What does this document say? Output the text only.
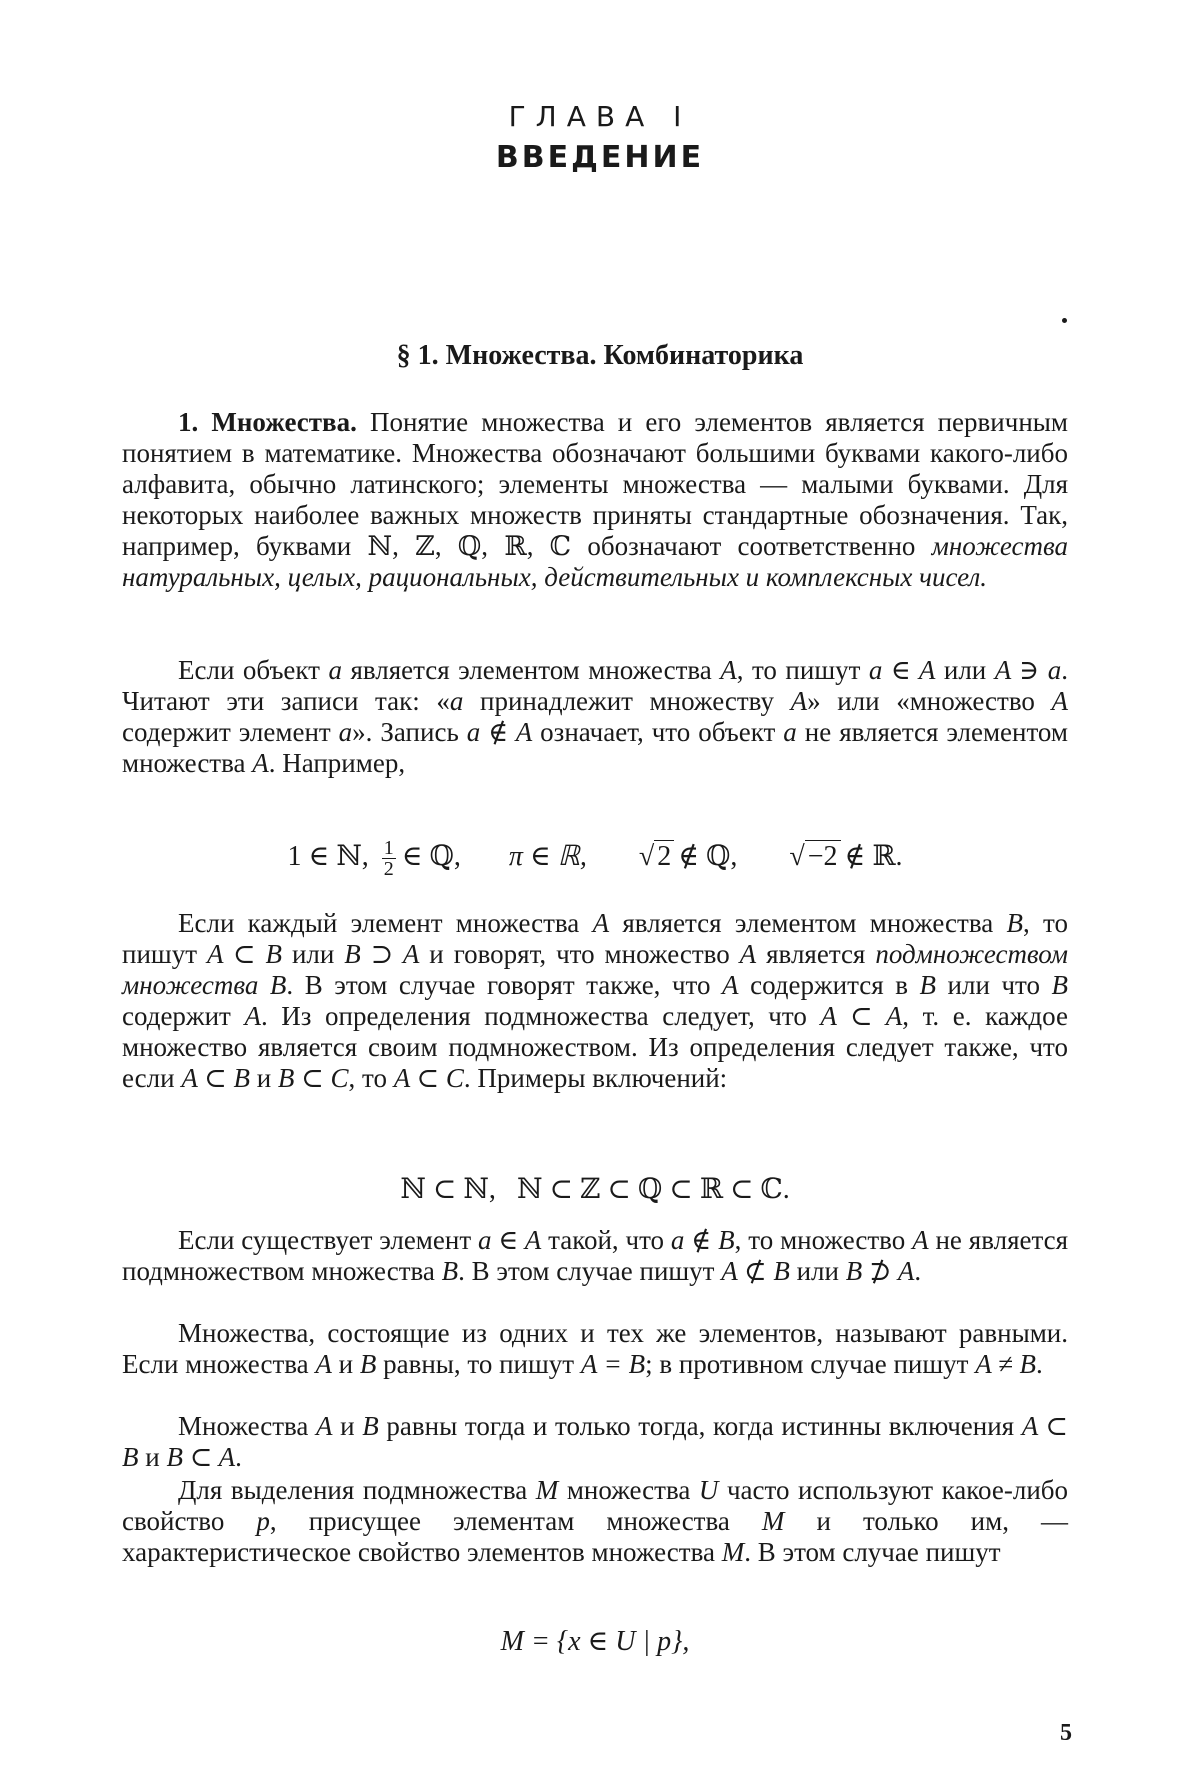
ГЛАВА I
ВВЕДЕНИЕ
§ 1. Множества. Комбинаторика

1. Множества. Понятие множества и его элементов является первичным понятием в математике. Множества обозначают большими буквами какого-либо алфавита, обычно латинского; элементы множества — малыми буквами. Для некоторых наиболее важных множеств приняты стандартные обозначения. Так, например, буквами ℕ, ℤ, ℚ, ℝ, ℂ обозначают соответственно множества натуральных, целых, рациональных, действительных и комплексных чисел.

Если объект a является элементом множества A, то пишут a ∈ A или A ∋ a. Читают эти записи так: «a принадлежит множеству A» или «множество A содержит элемент a». Запись a ∉ A означает, что объект a не является элементом множества A. Например,

1 ∈ ℕ, 1
2 ∈ ℚ, π ∈ ℝ, √ 2 ∉ ℚ, √ −2 ∉ ℝ.

Если каждый элемент множества A является элементом множества B, то пишут A ⊂ B или B ⊃ A и говорят, что множество A является подмножеством множества B. В этом случае говорят также, что A содержится в B или что B содержит A. Из определения подмножества следует, что A ⊂ A, т. е. каждое множество является своим подмножеством. Из определения следует также, что если A ⊂ B и B ⊂ C, то A ⊂ C. Примеры включений:

ℕ ⊂ ℕ,   ℕ ⊂ ℤ ⊂ ℚ ⊂ ℝ ⊂ ℂ.

Если существует элемент a ∈ A такой, что a ∉ B, то множество A не является подмножеством множества B. В этом случае пишут A ⊄ B или B ⊅ A.

Множества, состоящие из одних и тех же элементов, называют равными. Если множества A и B равны, то пишут A = B; в противном случае пишут A ≠ B.

Множества A и B равны тогда и только тогда, когда истинны включения A ⊂ B и B ⊂ A.

Для выделения подмножества M множества U часто используют какое-либо свойство p, присущее элементам множества M и только им, — характеристическое свойство элементов множества M. В этом случае пишут

M = {x ∈ U | p},
5
